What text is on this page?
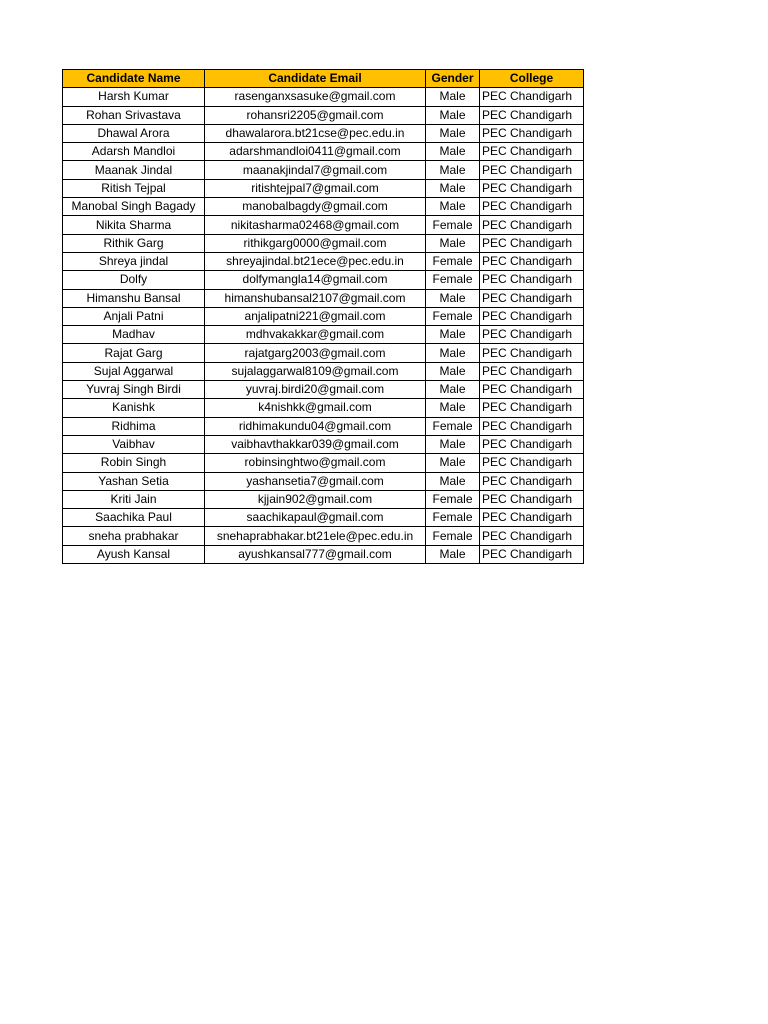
Candidate Name	Candidate Email	Gender	College
Harsh Kumar	rasenganxsasuke@gmail.com	Male	PEC Chandigarh
Rohan Srivastava	rohansri2205@gmail.com	Male	PEC Chandigarh
Dhawal Arora	dhawalarora.bt21cse@pec.edu.in	Male	PEC Chandigarh
Adarsh Mandloi	adarshmandloi0411@gmail.com	Male	PEC Chandigarh
Maanak Jindal	maanakjindal7@gmail.com	Male	PEC Chandigarh
Ritish Tejpal	ritishtejpal7@gmail.com	Male	PEC Chandigarh
Manobal Singh Bagady	manobalbagdy@gmail.com	Male	PEC Chandigarh
Nikita Sharma	nikitasharma02468@gmail.com	Female	PEC Chandigarh
Rithik Garg	rithikgarg0000@gmail.com	Male	PEC Chandigarh
Shreya jindal	shreyajindal.bt21ece@pec.edu.in	Female	PEC Chandigarh
Dolfy	dolfymangla14@gmail.com	Female	PEC Chandigarh
Himanshu Bansal	himanshubansal2107@gmail.com	Male	PEC Chandigarh
Anjali Patni	anjalipatni221@gmail.com	Female	PEC Chandigarh
Madhav	mdhvakakkar@gmail.com	Male	PEC Chandigarh
Rajat Garg	rajatgarg2003@gmail.com	Male	PEC Chandigarh
Sujal Aggarwal	sujalaggarwal8109@gmail.com	Male	PEC Chandigarh
Yuvraj Singh Birdi	yuvraj.birdi20@gmail.com	Male	PEC Chandigarh
Kanishk	k4nishkk@gmail.com	Male	PEC Chandigarh
Ridhima	ridhimakundu04@gmail.com	Female	PEC Chandigarh
Vaibhav	vaibhavthakkar039@gmail.com	Male	PEC Chandigarh
Robin Singh	robinsinghtwo@gmail.com	Male	PEC Chandigarh
Yashan Setia	yashansetia7@gmail.com	Male	PEC Chandigarh
Kriti Jain	kjjain902@gmail.com	Female	PEC Chandigarh
Saachika Paul	saachikapaul@gmail.com	Female	PEC Chandigarh
sneha prabhakar	snehaprabhakar.bt21ele@pec.edu.in	Female	PEC Chandigarh
Ayush Kansal	ayushkansal777@gmail.com	Male	PEC Chandigarh
